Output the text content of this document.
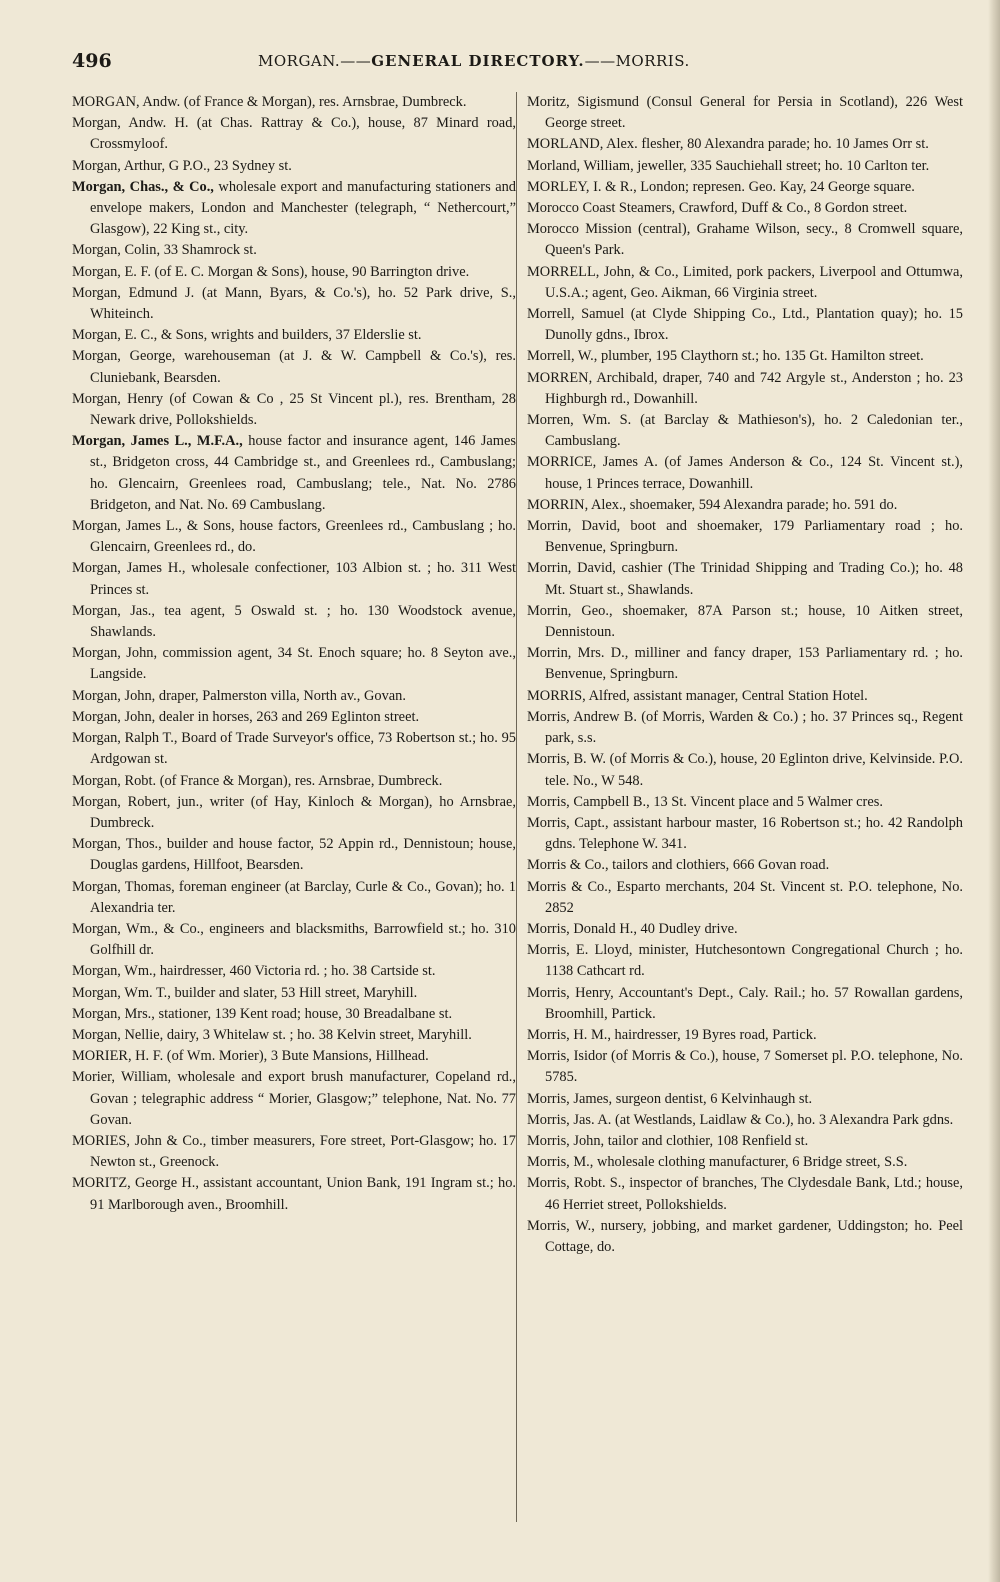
496	MORGAN.——GENERAL DIRECTORY.——MORRIS.
MORGAN, Andw. (of France & Morgan), res. Arnsbrae, Dumbreck.
Morgan, Andw. H. (at Chas. Rattray & Co.), house, 87 Minard road, Crossmyloof.
Morgan, Arthur, G P.O., 23 Sydney st.
Morgan, Chas., & Co., wholesale export and manufacturing stationers and envelope makers, London and Manchester (telegraph, “ Nethercourt,” Glasgow), 22 King st., city.
Morgan, Colin, 33 Shamrock st.
Morgan, E. F. (of E. C. Morgan & Sons), house, 90 Barrington drive.
Morgan, Edmund J. (at Mann, Byars, & Co.'s), ho. 52 Park drive, S., Whiteinch.
Morgan, E. C., & Sons, wrights and builders, 37 Elderslie st.
Morgan, George, warehouseman (at J. & W. Campbell & Co.'s), res. Cluniebank, Bearsden.
Morgan, Henry (of Cowan & Co , 25 St Vincent pl.), res. Brentham, 28 Newark drive, Pollokshields.
Morgan, James L., M.F.A., house factor and insurance agent, 146 James st., Bridgeton cross, 44 Cambridge st., and Greenlees rd., Cambuslang; ho. Glencairn, Greenlees road, Cambuslang; tele., Nat. No. 2786 Bridgeton, and Nat. No. 69 Cambuslang.
Morgan, James L., & Sons, house factors, Greenlees rd., Cambuslang ; ho. Glencairn, Greenlees rd., do.
Morgan, James H., wholesale confectioner, 103 Albion st. ; ho. 311 West Princes st.
Morgan, Jas., tea agent, 5 Oswald st. ; ho. 130 Woodstock avenue, Shawlands.
Morgan, John, commission agent, 34 St. Enoch square; ho. 8 Seyton ave., Langside.
Morgan, John, draper, Palmerston villa, North av., Govan.
Morgan, John, dealer in horses, 263 and 269 Eglinton street.
Morgan, Ralph T., Board of Trade Surveyor's office, 73 Robertson st.; ho. 95 Ardgowan st.
Morgan, Robt. (of France & Morgan), res. Arnsbrae, Dumbreck.
Morgan, Robert, jun., writer (of Hay, Kinloch & Morgan), ho Arnsbrae, Dumbreck.
Morgan, Thos., builder and house factor, 52 Appin rd., Dennistoun; house, Douglas gardens, Hillfoot, Bearsden.
Morgan, Thomas, foreman engineer (at Barclay, Curle & Co., Govan); ho. 1 Alexandria ter.
Morgan, Wm., & Co., engineers and blacksmiths, Barrowfield st.; ho. 310 Golfhill dr.
Morgan, Wm., hairdresser, 460 Victoria rd. ; ho. 38 Cartside st.
Morgan, Wm. T., builder and slater, 53 Hill street, Maryhill.
Morgan, Mrs., stationer, 139 Kent road; house, 30 Breadalbane st.
Morgan, Nellie, dairy, 3 Whitelaw st. ; ho. 38 Kelvin street, Maryhill.
MORIER, H. F. (of Wm. Morier), 3 Bute Mansions, Hillhead.
Morier, William, wholesale and export brush manufacturer, Copeland rd., Govan ; telegraphic address “ Morier, Glasgow;” telephone, Nat. No. 77 Govan.
MORIES, John & Co., timber measurers, Fore street, Port-Glasgow; ho. 17 Newton st., Greenock.
MORITZ, George H., assistant accountant, Union Bank, 191 Ingram st.; ho. 91 Marlborough aven., Broomhill.
Moritz, Sigismund (Consul General for Persia in Scotland), 226 West George street.
MORLAND, Alex. flesher, 80 Alexandra parade; ho. 10 James Orr st.
Morland, William, jeweller, 335 Sauchiehall street; ho. 10 Carlton ter.
MORLEY, I. & R., London; represen. Geo. Kay, 24 George square.
Morocco Coast Steamers, Crawford, Duff & Co., 8 Gordon street.
Morocco Mission (central), Grahame Wilson, secy., 8 Cromwell square, Queen's Park.
MORRELL, John, & Co., Limited, pork packers, Liverpool and Ottumwa, U.S.A.; agent, Geo. Aikman, 66 Virginia street.
Morrell, Samuel (at Clyde Shipping Co., Ltd., Plantation quay); ho. 15 Dunolly gdns., Ibrox.
Morrell, W., plumber, 195 Claythorn st.; ho. 135 Gt. Hamilton street.
MORREN, Archibald, draper, 740 and 742 Argyle st., Anderston ; ho. 23 Highburgh rd., Dowanhill.
Morren, Wm. S. (at Barclay & Mathieson's), ho. 2 Caledonian ter., Cambuslang.
MORRICE, James A. (of James Anderson & Co., 124 St. Vincent st.), house, 1 Princes terrace, Dowanhill.
MORRIN, Alex., shoemaker, 594 Alexandra parade; ho. 591 do.
Morrin, David, boot and shoemaker, 179 Parliamentary road ; ho. Benvenue, Springburn.
Morrin, David, cashier (The Trinidad Shipping and Trading Co.); ho. 48 Mt. Stuart st., Shawlands.
Morrin, Geo., shoemaker, 87A Parson st.; house, 10 Aitken street, Dennistoun.
Morrin, Mrs. D., milliner and fancy draper, 153 Parliamentary rd. ; ho. Benvenue, Springburn.
MORRIS, Alfred, assistant manager, Central Station Hotel.
Morris, Andrew B. (of Morris, Warden & Co.) ; ho. 37 Princes sq., Regent park, s.s.
Morris, B. W. (of Morris & Co.), house, 20 Eglinton drive, Kelvinside. P.O. tele. No., W 548.
Morris, Campbell B., 13 St. Vincent place and 5 Walmer cres.
Morris, Capt., assistant harbour master, 16 Robertson st.; ho. 42 Randolph gdns. Telephone W. 341.
Morris & Co., tailors and clothiers, 666 Govan road.
Morris & Co., Esparto merchants, 204 St. Vincent st. P.O. telephone, No. 2852
Morris, Donald H., 40 Dudley drive.
Morris, E. Lloyd, minister, Hutchesontown Congregational Church ; ho. 1138 Cathcart rd.
Morris, Henry, Accountant's Dept., Caly. Rail.; ho. 57 Rowallan gardens, Broomhill, Partick.
Morris, H. M., hairdresser, 19 Byres road, Partick.
Morris, Isidor (of Morris & Co.), house, 7 Somerset pl. P.O. telephone, No. 5785.
Morris, James, surgeon dentist, 6 Kelvinhaugh st.
Morris, Jas. A. (at Westlands, Laidlaw & Co.), ho. 3 Alexandra Park gdns.
Morris, John, tailor and clothier, 108 Renfield st.
Morris, M., wholesale clothing manufacturer, 6 Bridge street, S.S.
Morris, Robt. S., inspector of branches, The Clydesdale Bank, Ltd.; house, 46 Herriet street, Pollokshields.
Morris, W., nursery, jobbing, and market gardener, Uddingston; ho. Peel Cottage, do.
